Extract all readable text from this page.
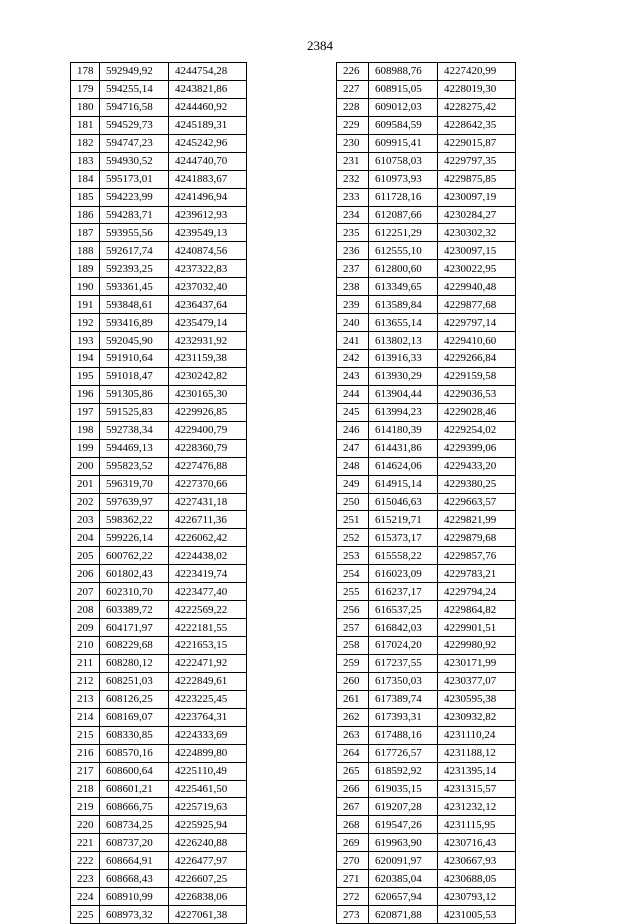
2384
178	592949,92	4244754,28
179	594255,14	4243821,86
180	594716,58	4244460,92
181	594529,73	4245189,31
182	594747,23	4245242,96
183	594930,52	4244740,70
184	595173,01	4241883,67
185	594223,99	4241496,94
186	594283,71	4239612,93
187	593955,56	4239549,13
188	592617,74	4240874,56
189	592393,25	4237322,83
190	593361,45	4237032,40
191	593848,61	4236437,64
192	593416,89	4235479,14
193	592045,90	4232931,92
194	591910,64	4231159,38
195	591018,47	4230242,82
196	591305,86	4230165,30
197	591525,83	4229926,85
198	592738,34	4229400,79
199	594469,13	4228360,79
200	595823,52	4227476,88
201	596319,70	4227370,66
202	597639,97	4227431,18
203	598362,22	4226711,36
204	599226,14	4226062,42
205	600762,22	4224438,02
206	601802,43	4223419,74
207	602310,70	4223477,40
208	603389,72	4222569,22
209	604171,97	4222181,55
210	608229,68	4221653,15
211	608280,12	4222471,92
212	608251,03	4222849,61
213	608126,25	4223225,45
214	608169,07	4223764,31
215	608330,85	4224333,69
216	608570,16	4224899,80
217	608600,64	4225110,49
218	608601,21	4225461,50
219	608666,75	4225719,63
220	608734,25	4225925,94
221	608737,20	4226240,88
222	608664,91	4226477,97
223	608668,43	4226607,25
224	608910,99	4226838,06
225	608973,32	4227061,38
226	608988,76	4227420,99
227	608915,05	4228019,30
228	609012,03	4228275,42
229	609584,59	4228642,35
230	609915,41	4229015,87
231	610758,03	4229797,35
232	610973,93	4229875,85
233	611728,16	4230097,19
234	612087,66	4230284,27
235	612251,29	4230302,32
236	612555,10	4230097,15
237	612800,60	4230022,95
238	613349,65	4229940,48
239	613589,84	4229877,68
240	613655,14	4229797,14
241	613802,13	4229410,60
242	613916,33	4229266,84
243	613930,29	4229159,58
244	613904,44	4229036,53
245	613994,23	4229028,46
246	614180,39	4229254,02
247	614431,86	4229399,06
248	614624,06	4229433,20
249	614915,14	4229380,25
250	615046,63	4229663,57
251	615219,71	4229821,99
252	615373,17	4229879,68
253	615558,22	4229857,76
254	616023,09	4229783,21
255	616237,17	4229794,24
256	616537,25	4229864,82
257	616842,03	4229901,51
258	617024,20	4229980,92
259	617237,55	4230171,99
260	617350,03	4230377,07
261	617389,74	4230595,38
262	617393,31	4230932,82
263	617488,16	4231110,24
264	617726,57	4231188,12
265	618592,92	4231395,14
266	619035,15	4231315,57
267	619207,28	4231232,12
268	619547,26	4231115,95
269	619963,90	4230716,43
270	620091,97	4230667,93
271	620385,04	4230688,05
272	620657,94	4230793,12
273	620871,88	4231005,53
